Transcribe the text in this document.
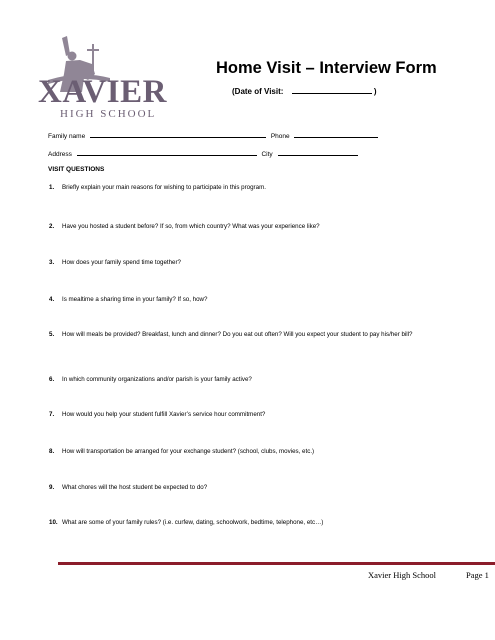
XAVIER
HIGH SCHOOL
Home Visit – Interview Form
(Date of Visit:	)
Family name	Phone
Address	City
VISIT QUESTIONS
1. Briefly explain your main reasons for wishing to participate in this program.
2. Have you hosted a student before? If so, from which country? What was your experience like?
3. How does your family spend time together?
4. Is mealtime a sharing time in your family? If so, how?
5. How will meals be provided? Breakfast, lunch and dinner? Do you eat out often? Will you expect your student to pay his/her bill?
6. In which community organizations and/or parish is your family active?
7. How would you help your student fulfill Xavier’s service hour commitment?
8. How will transportation be arranged for your exchange student? (school, clubs, movies, etc.)
9. What chores will the host student be expected to do?
10. What are some of your family rules? (i.e. curfew, dating, schoolwork, bedtime, telephone, etc…)
Xavier High School	Page 1
